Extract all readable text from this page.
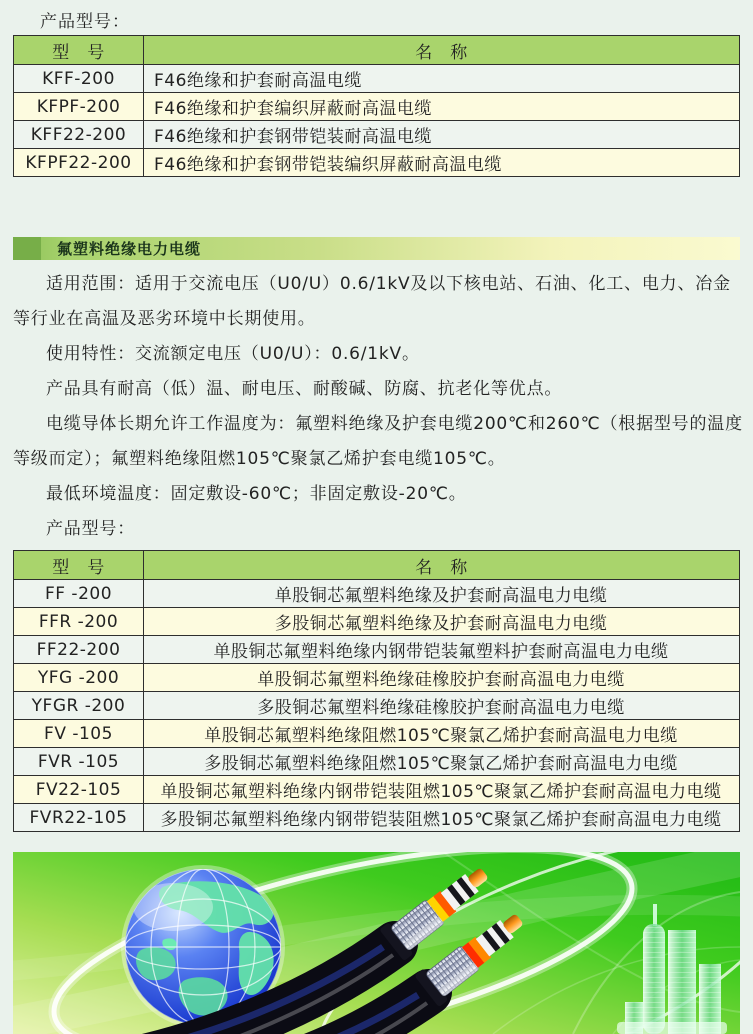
产品型号：
型　号	名　称
KFF-200	F46绝缘和护套耐高温电缆
KFPF-200	F46绝缘和护套编织屏蔽耐高温电缆
KFF22-200	F46绝缘和护套钢带铠装耐高温电缆
KFPF22-200	F46绝缘和护套钢带铠装编织屏蔽耐高温电缆
氟塑料绝缘电力电缆
适用范围：适用于交流电压（U0/U）0.6/1kV及以下核电站、石油、化工、电力、冶金
等行业在高温及恶劣环境中长期使用。
使用特性：交流额定电压（U0/U）：0.6/1kV。
产品具有耐高（低）温、耐电压、耐酸碱、防腐、抗老化等优点。
电缆导体长期允许工作温度为：氟塑料绝缘及护套电缆200℃和260℃（根据型号的温度
等级而定）；氟塑料绝缘阻燃105℃聚氯乙烯护套电缆105℃。
最低环境温度：固定敷设-60℃；非固定敷设-20℃。
产品型号：
型　号	名　称
FF -200	单股铜芯氟塑料绝缘及护套耐高温电力电缆
FFR -200	多股铜芯氟塑料绝缘及护套耐高温电力电缆
FF22-200	单股铜芯氟塑料绝缘内钢带铠装氟塑料护套耐高温电力电缆
YFG -200	单股铜芯氟塑料绝缘硅橡胶护套耐高温电力电缆
YFGR -200	多股铜芯氟塑料绝缘硅橡胶护套耐高温电力电缆
FV -105	单股铜芯氟塑料绝缘阻燃105℃聚氯乙烯护套耐高温电力电缆
FVR -105	多股铜芯氟塑料绝缘阻燃105℃聚氯乙烯护套耐高温电力电缆
FV22-105	单股铜芯氟塑料绝缘内钢带铠装阻燃105℃聚氯乙烯护套耐高温电力电缆
FVR22-105	多股铜芯氟塑料绝缘内钢带铠装阻燃105℃聚氯乙烯护套耐高温电力电缆
